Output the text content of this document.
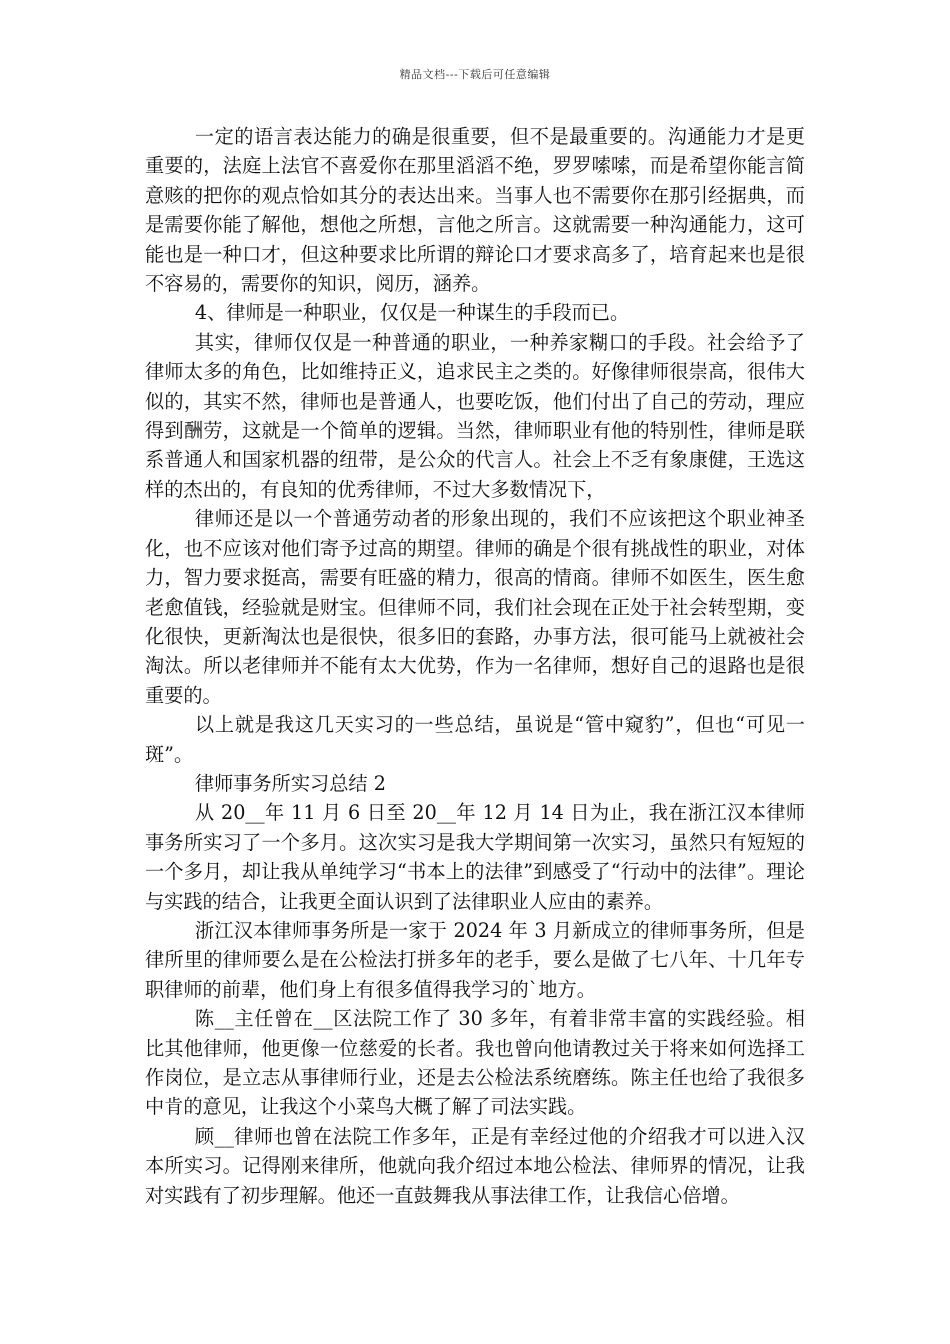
精品文档---下载后可任意编辑

一定的语言表达能力的确是很重要，但不是最重要的。沟通能力才是更重要的，法庭上法官不喜爱你在那里滔滔不绝，罗罗嗦嗦，而是希望你能言简意赅的把你的观点恰如其分的表达出来。当事人也不需要你在那引经据典，而是需要你能了解他，想他之所想，言他之所言。这就需要一种沟通能力，这可能也是一种口才，但这种要求比所谓的辩论口才要求高多了，培育起来也是很不容易的，需要你的知识，阅历，涵养。

4、律师是一种职业，仅仅是一种谋生的手段而已。

其实，律师仅仅是一种普通的职业，一种养家糊口的手段。社会给予了律师太多的角色，比如维持正义，追求民主之类的。好像律师很崇高，很伟大似的，其实不然，律师也是普通人，也要吃饭，他们付出了自己的劳动，理应得到酬劳，这就是一个简单的逻辑。当然，律师职业有他的特别性，律师是联系普通人和国家机器的纽带，是公众的代言人。社会上不乏有象康健，王选这样的杰出的，有良知的优秀律师，不过大多数情况下，

律师还是以一个普通劳动者的形象出现的，我们不应该把这个职业神圣化，也不应该对他们寄予过高的期望。律师的确是个很有挑战性的职业，对体力，智力要求挺高，需要有旺盛的精力，很高的情商。律师不如医生，医生愈老愈值钱，经验就是财宝。但律师不同，我们社会现在正处于社会转型期，变化很快，更新淘汰也是很快，很多旧的套路，办事方法，很可能马上就被社会淘汰。所以老律师并不能有太大优势，作为一名律师，想好自己的退路也是很重要的。

以上就是我这几天实习的一些总结，虽说是“管中窥豹”，但也“可见一斑”。

律师事务所实习总结 2

从 20__年 11 月 6 日至 20__年 12 月 14 日为止，我在浙江汉本律师事务所实习了一个多月。这次实习是我大学期间第一次实习，虽然只有短短的一个多月，却让我从单纯学习“书本上的法律”到感受了“行动中的法律”。理论与实践的结合，让我更全面认识到了法律职业人应由的素养。

浙江汉本律师事务所是一家于 2024 年 3 月新成立的律师事务所，但是律所里的律师要么是在公检法打拼多年的老手，要么是做了七八年、十几年专职律师的前辈，他们身上有很多值得我学习的`地方。

陈__主任曾在__区法院工作了 30 多年，有着非常丰富的实践经验。相比其他律师，他更像一位慈爱的长者。我也曾向他请教过关于将来如何选择工作岗位，是立志从事律师行业，还是去公检法系统磨练。陈主任也给了我很多中肯的意见，让我这个小菜鸟大概了解了司法实践。

顾__律师也曾在法院工作多年，正是有幸经过他的介绍我才可以进入汉本所实习。记得刚来律所，他就向我介绍过本地公检法、律师界的情况，让我对实践有了初步理解。他还一直鼓舞我从事法律工作，让我信心倍增。
